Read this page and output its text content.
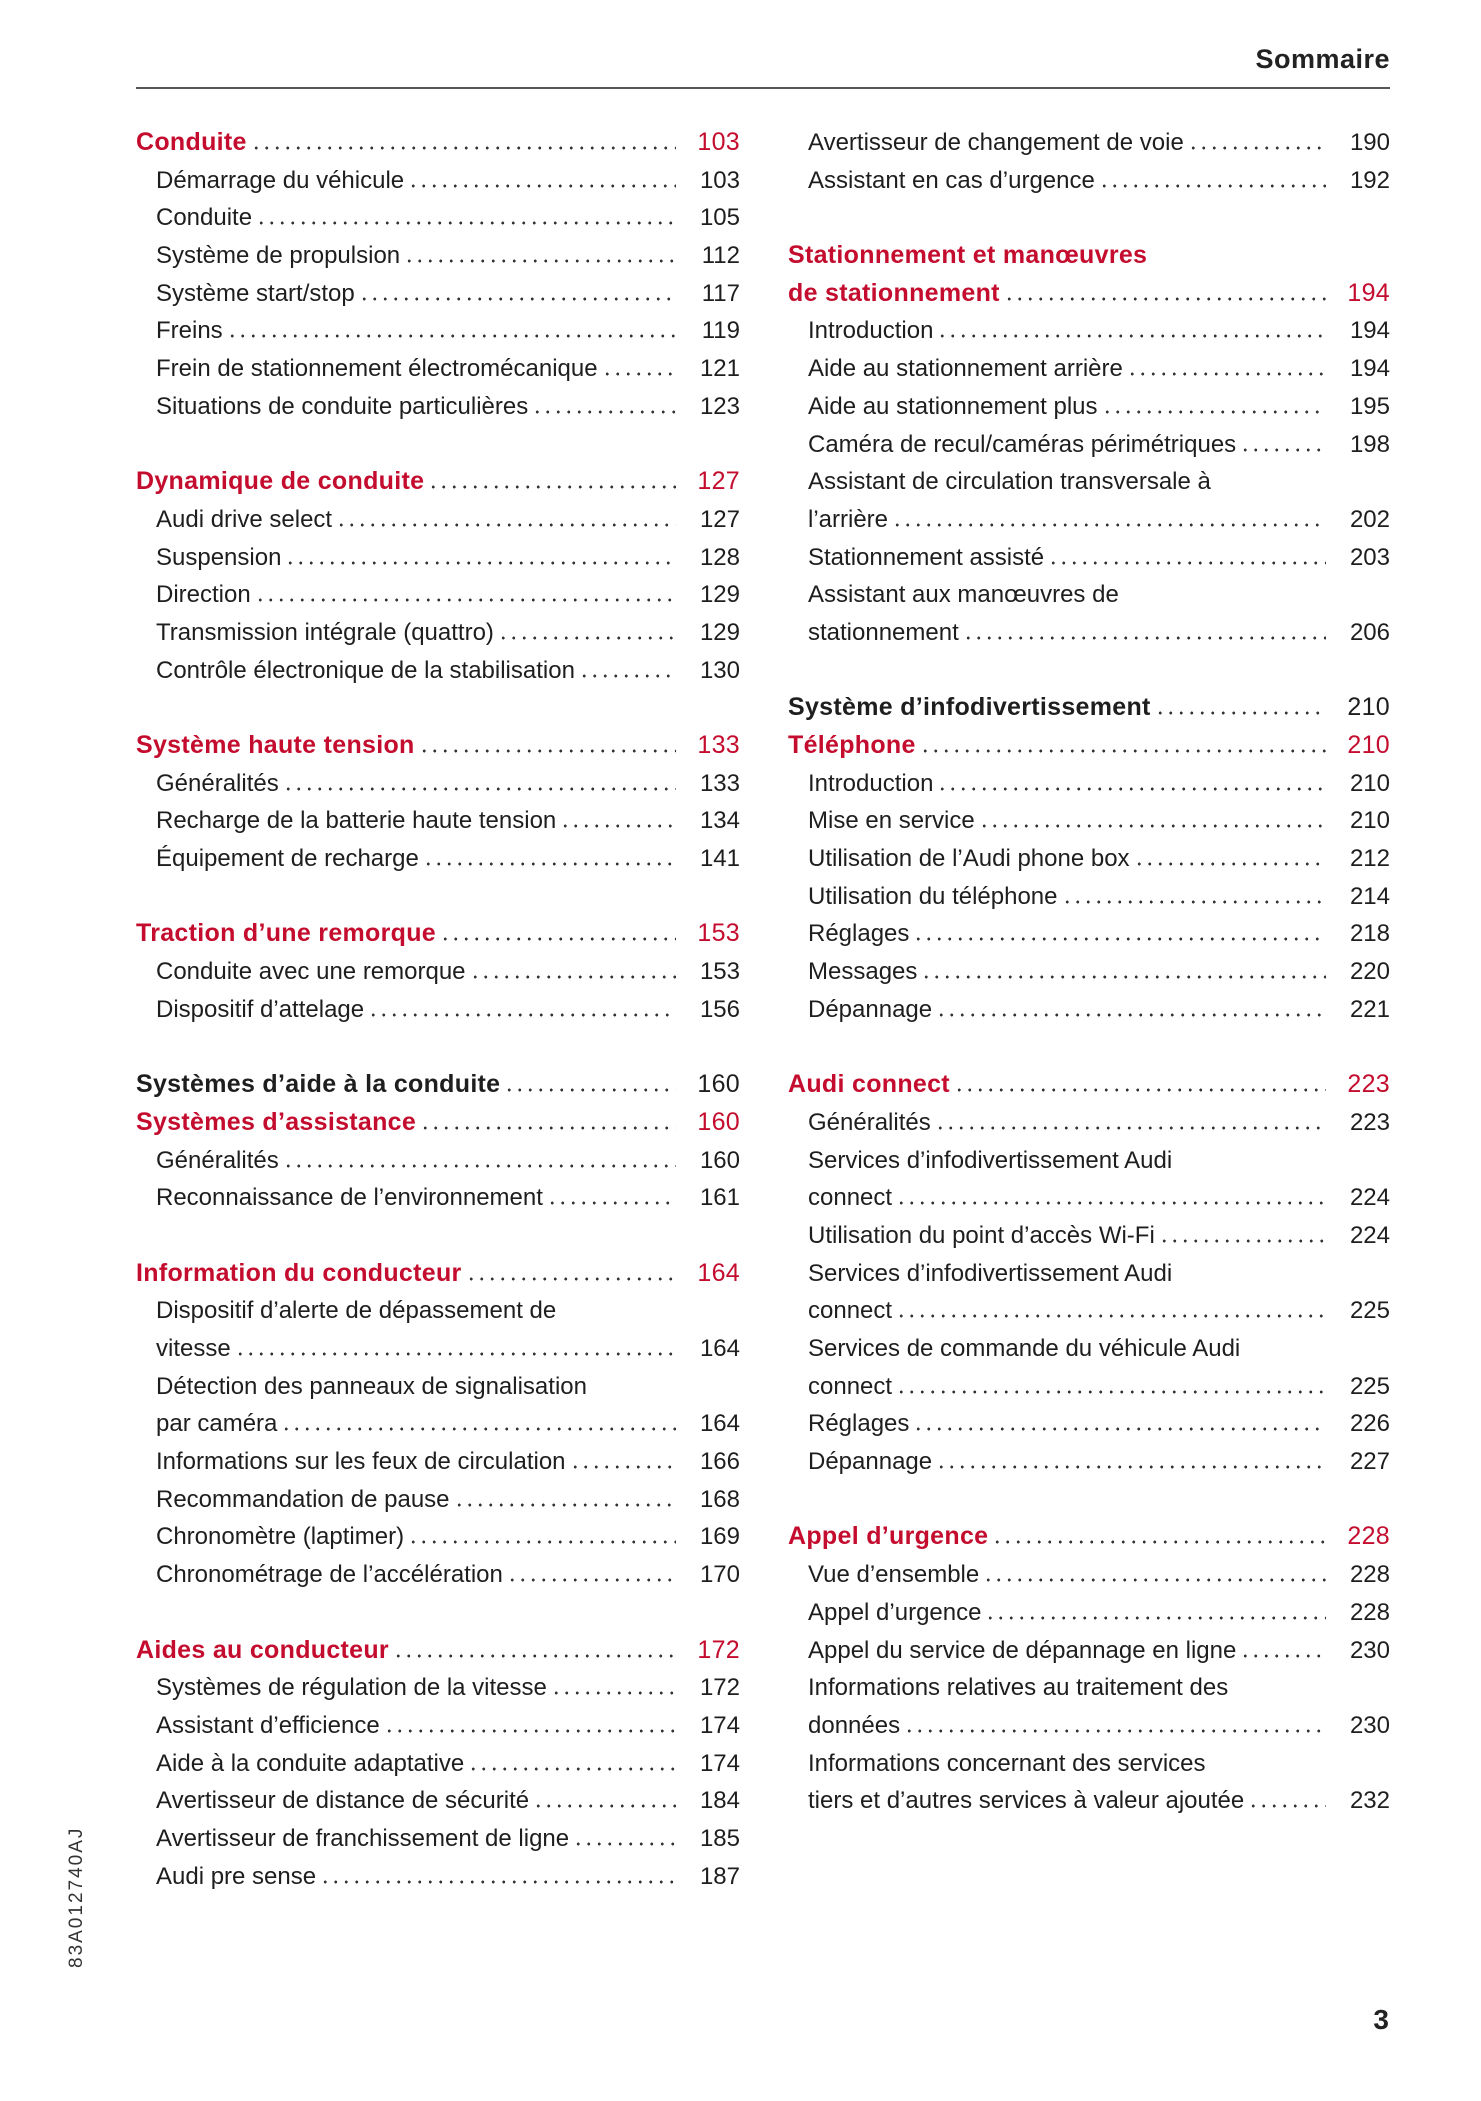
Sommaire
Conduite	103
Démarrage du véhicule	103
Conduite	105
Système de propulsion	112
Système start/stop	117
Freins	119
Frein de stationnement électromécanique	121
Situations de conduite particulières	123
Dynamique de conduite	127
Audi drive select	127
Suspension	128
Direction	129
Transmission intégrale (quattro)	129
Contrôle électronique de la stabilisation	130
Système haute tension	133
Généralités	133
Recharge de la batterie haute tension	134
Équipement de recharge	141
Traction d’une remorque	153
Conduite avec une remorque	153
Dispositif d’attelage	156
Systèmes d’aide à la conduite	160
Systèmes d’assistance	160
Généralités	160
Reconnaissance de l’environnement	161
Information du conducteur	164
Dispositif d’alerte de dépassement de
vitesse	164
Détection des panneaux de signalisation
par caméra	164
Informations sur les feux de circulation	166
Recommandation de pause	168
Chronomètre (laptimer)	169
Chronométrage de l’accélération	170
Aides au conducteur	172
Systèmes de régulation de la vitesse	172
Assistant d’efficience	174
Aide à la conduite adaptative	174
Avertisseur de distance de sécurité	184
Avertisseur de franchissement de ligne	185
Audi pre sense	187
Avertisseur de changement de voie	190
Assistant en cas d’urgence	192
Stationnement et manœuvres
de stationnement	194
Introduction	194
Aide au stationnement arrière	194
Aide au stationnement plus	195
Caméra de recul/caméras périmétriques	198
Assistant de circulation transversale à
l’arrière	202
Stationnement assisté	203
Assistant aux manœuvres de
stationnement	206
Système d’infodivertissement	210
Téléphone	210
Introduction	210
Mise en service	210
Utilisation de l’Audi phone box	212
Utilisation du téléphone	214
Réglages	218
Messages	220
Dépannage	221
Audi connect	223
Généralités	223
Services d’infodivertissement Audi
connect	224
Utilisation du point d’accès Wi-Fi	224
Services d’infodivertissement Audi
connect	225
Services de commande du véhicule Audi
connect	225
Réglages	226
Dépannage	227
Appel d’urgence	228
Vue d’ensemble	228
Appel d’urgence	228
Appel du service de dépannage en ligne	230
Informations relatives au traitement des
données	230
Informations concernant des services
tiers et d’autres services à valeur ajoutée	232
83A012740AJ
3
